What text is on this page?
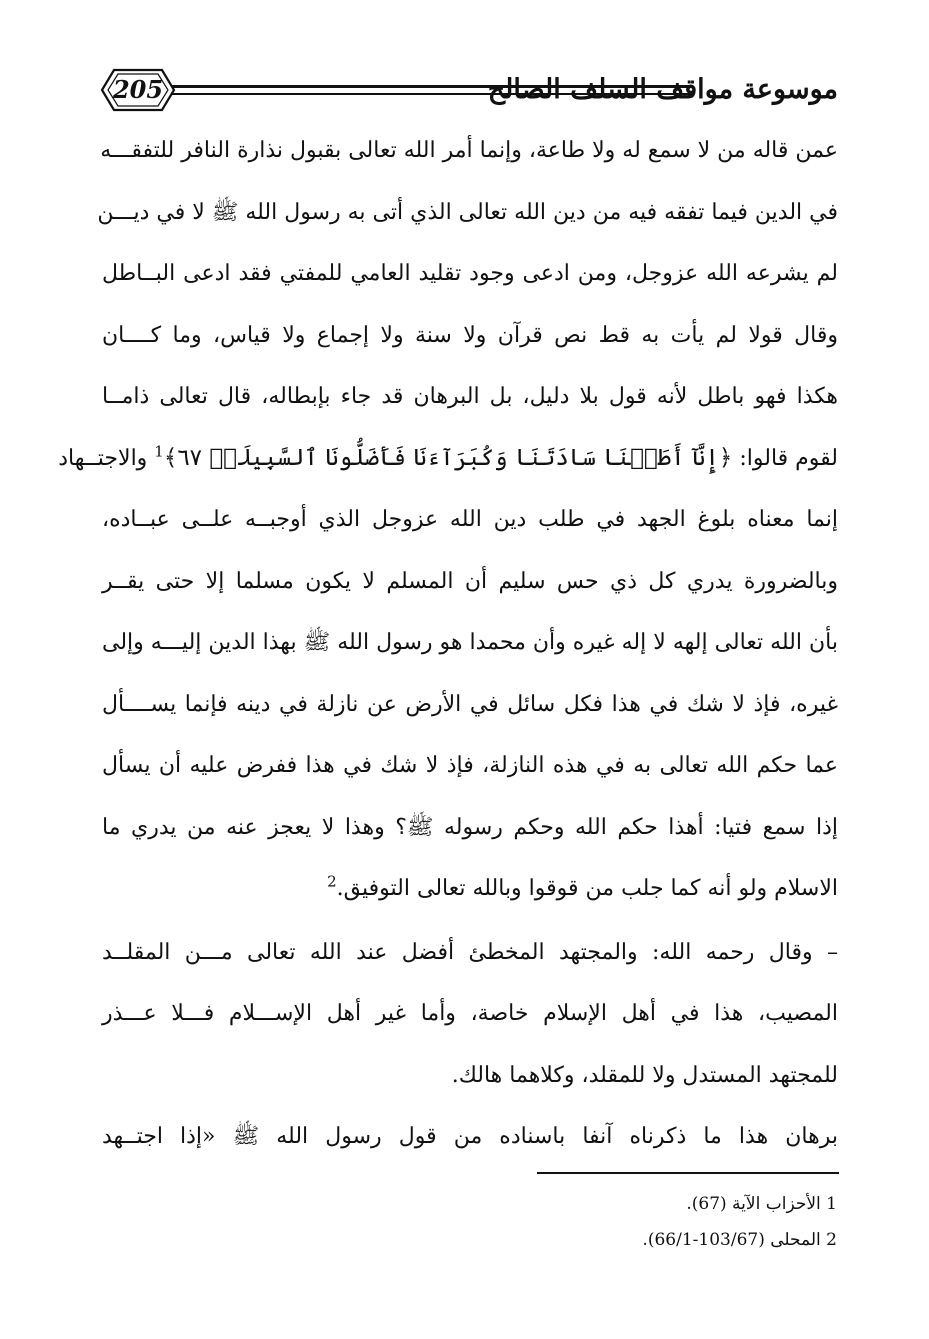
205	موسوعة مواقف السلف الصالح
عمن قاله من لا سمع له ولا طاعة، وإنما أمر الله تعالى بقبول نذارة النافر للتفقـــه
في الدين فيما تفقه فيه من دين الله تعالى الذي أتى به رسول الله ﷺ لا في ديـــن
لم يشرعه الله عزوجل، ومن ادعى وجود تقليد العامي للمفتي فقد ادعى البــاطل
وقال قولا لم يأت به قط نص قرآن ولا سنة ولا إجماع ولا قياس، وما كــــان
هكذا فهو باطل لأنه قول بلا دليل، بل البرهان قد جاء بإبطاله، قال تعالى ذامــا
لقوم قالوا: ﴿إِنَّآ أَطَعۡنَا سَادَتَنَا وَكُبَرَآءَنَا فَأَضَلُّونَا ٱلسَّبِيلَا۠ ٦٧﴾$^1$ والاجتــهاد
إنما معناه بلوغ الجهد في طلب دين الله عزوجل الذي أوجبــه علــى عبــاده،
وبالضرورة يدري كل ذي حس سليم أن المسلم لا يكون مسلما إلا حتى يقــر
بأن الله تعالى إلهه لا إله غيره وأن محمدا هو رسول الله ﷺ بهذا الدين إليـــه وإلى
غيره، فإذ لا شك في هذا فكل سائل في الأرض عن نازلة في دينه فإنما يســــأل
عما حكم الله تعالى به في هذه النازلة، فإذ لا شك في هذا ففرض عليه أن يسأل
إذا سمع فتيا: أهذا حكم الله وحكم رسوله ﷺ؟ وهذا لا يعجز عنه من يدري ما
الاسلام ولو أنه كما جلب من قوقوا وبالله تعالى التوفيق.$^2$
– وقال رحمه الله: والمجتهد المخطئ أفضل عند الله تعالى مـــن المقلــد
المصيب، هذا في أهل الإسلام خاصة، وأما غير أهل الإســـلام فـــلا عـــذر
للمجتهد المستدل ولا للمقلد، وكلاهما هالك.
برهان هذا ما ذكرناه آنفا باسناده من قول رسول الله ﷺ «إذا اجتــهد
1 الأحزاب الآية (67).
2 المحلى (103/67-66/1).
